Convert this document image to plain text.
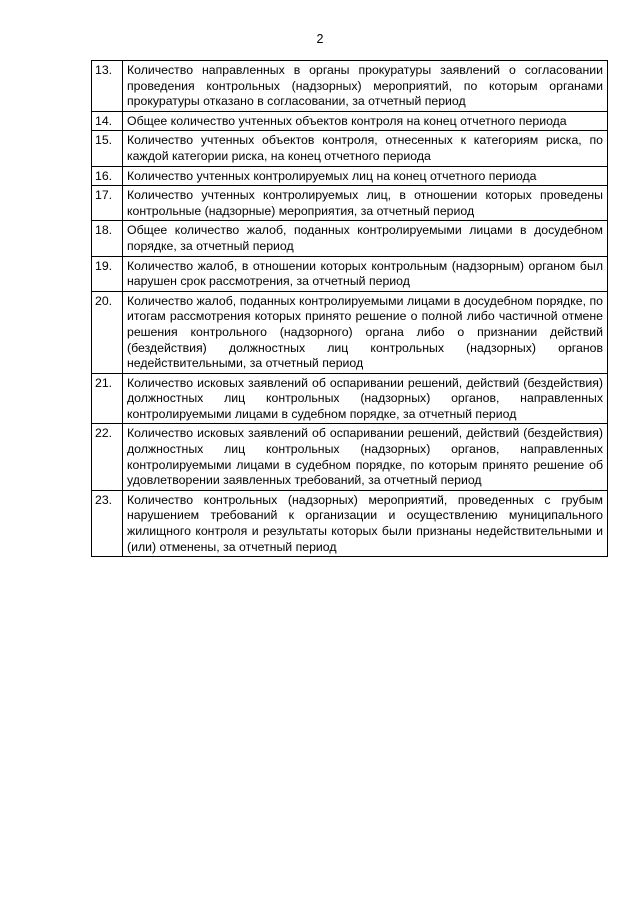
2
13.	Количество направленных в органы прокуратуры заявлений о согласовании проведения контрольных (надзорных) мероприятий, по которым органами прокуратуры отказано в согласовании, за отчетный период
14.	Общее количество учтенных объектов контроля на конец отчетного периода
15.	Количество учтенных объектов контроля, отнесенных к категориям риска, по каждой категории риска, на конец отчетного периода
16.	Количество учтенных контролируемых лиц на конец отчетного периода
17.	Количество учтенных контролируемых лиц, в отношении которых проведены контрольные (надзорные) мероприятия, за отчетный период
18.	Общее количество жалоб, поданных контролируемыми лицами в досудебном порядке, за отчетный период
19.	Количество жалоб, в отношении которых контрольным (надзорным) органом был нарушен срок рассмотрения, за отчетный период
20.	Количество жалоб, поданных контролируемыми лицами в досудебном порядке, по итогам рассмотрения которых принято решение о полной либо частичной отмене решения контрольного (надзорного) органа либо о признании действий (бездействия) должностных лиц контрольных (надзорных) органов недействительными, за отчетный период
21.	Количество исковых заявлений об оспаривании решений, действий (бездействия) должностных лиц контрольных (надзорных) органов, направленных контролируемыми лицами в судебном порядке, за отчетный период
22.	Количество исковых заявлений об оспаривании решений, действий (бездействия) должностных лиц контрольных (надзорных) органов, направленных контролируемыми лицами в судебном порядке, по которым принято решение об удовлетворении заявленных требований, за отчетный период
23.	Количество контрольных (надзорных) мероприятий, проведенных с грубым нарушением требований к организации и осуществлению муниципального жилищного контроля и результаты которых были признаны недействительными и (или) отменены, за отчетный период
